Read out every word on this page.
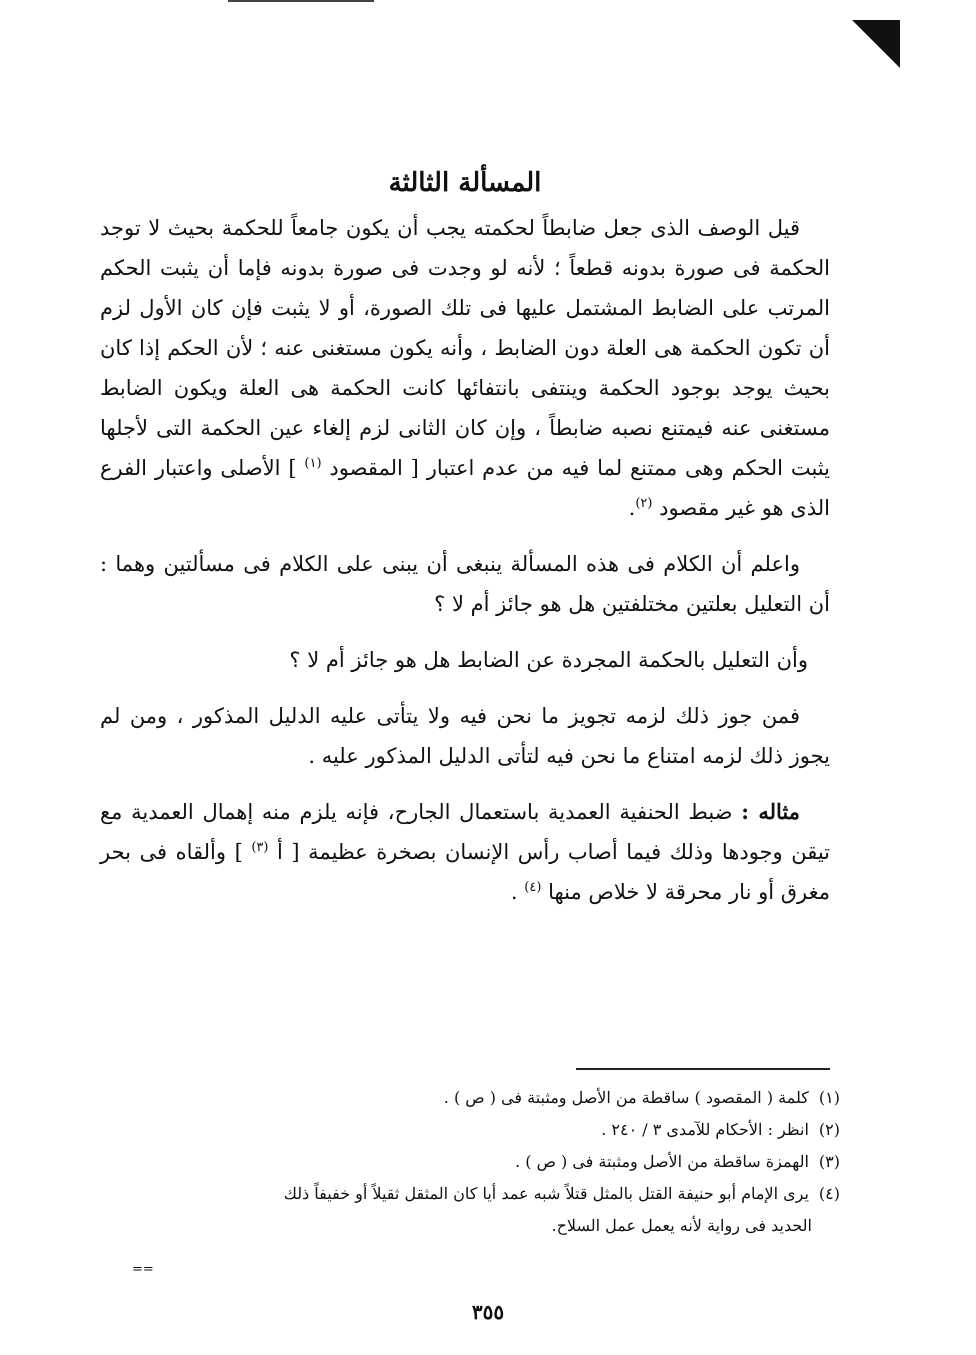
المسألة الثالثة

قيل الوصف الذى جعل ضابطاً لحكمته يجب أن يكون جامعاً للحكمة بحيث لا توجد الحكمة فى صورة بدونه قطعاً ؛ لأنه لو وجدت فى صورة بدونه فإما أن يثبت الحكم المرتب على الضابط المشتمل عليها فى تلك الصورة، أو لا يثبت فإن كان الأول لزم أن تكون الحكمة هى العلة دون الضابط ، وأنه يكون مستغنى عنه ؛ لأن الحكم إذا كان بحيث يوجد بوجود الحكمة وينتفى بانتفائها كانت الحكمة هى العلة ويكون الضابط مستغنى عنه فيمتنع نصبه ضابطاً ، وإن كان الثانى لزم إلغاء عين الحكمة التى لأجلها يثبت الحكم وهى ممتنع لما فيه من عدم اعتبار [ المقصود $^{(١)}$ ] الأصلى واعتبار الفرع الذى هو غير مقصود $^{(٢)}$.

واعلم أن الكلام فى هذه المسألة ينبغى أن يبنى على الكلام فى مسألتين وهما : أن التعليل بعلتين مختلفتين هل هو جائز أم لا ؟

وأن التعليل بالحكمة المجردة عن الضابط هل هو جائز أم لا ؟

فمن جوز ذلك لزمه تجويز ما نحن فيه ولا يتأتى عليه الدليل المذكور ، ومن لم يجوز ذلك لزمه امتناع ما نحن فيه لتأتى الدليل المذكور عليه .

مثاله : ضبط الحنفية العمدية باستعمال الجارح، فإنه يلزم منه إهمال العمدية مع تيقن وجودها وذلك فيما أصاب رأس الإنسان بصخرة عظيمة [ أ $^{(٣)}$ ] وألقاه فى بحر مغرق أو نار محرقة لا خلاص منها $^{(٤)}$ .

(١) كلمة ( المقصود ) ساقطة من الأصل ومثبتة فى ( ص ) .

(٢) انظر : الأحكام للآمدى ٣ / ٢٤٠ .

(٣) الهمزة ساقطة من الأصل ومثبتة فى ( ص ) .

(٤) يرى الإمام أبو حنيفة القتل بالمثل قتلاً شبه عمد أيا كان المثقل ثقيلاً أو خفيفاً ذلك

الحديد فى رواية لأنه يعمل عمل السلاح.

==
٣٥٥
